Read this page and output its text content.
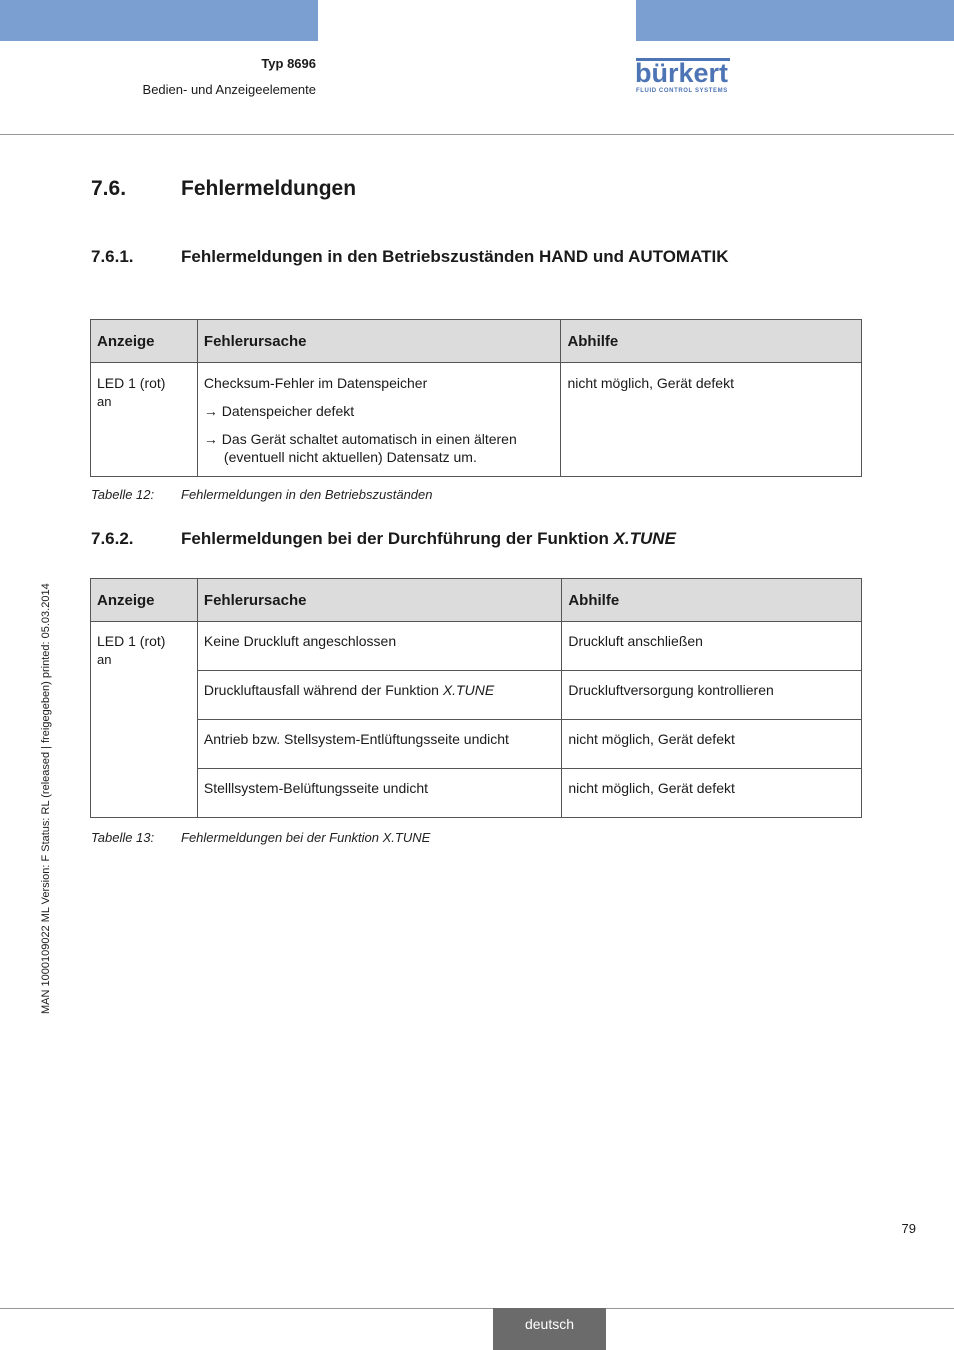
Typ 8696
Bedien- und Anzeigeelemente
bürkert
FLUID CONTROL SYSTEMS
7.6.	Fehlermeldungen
7.6.1.	Fehlermeldungen in den Betriebszuständen HAND und AUTOMATIK
Anzeige	Fehlerursache	Abhilfe
LED 1 (rot)
an	Checksum-Fehler im Datenspeicher
→ Datenspeicher defekt
→ Das Gerät schaltet automatisch in einen älteren (eventuell nicht aktuellen) Datensatz um.	nicht möglich, Gerät defekt
Tabelle 12: Fehlermeldungen in den Betriebszuständen
7.6.2.	Fehlermeldungen bei der Durchführung der Funktion X.TUNE
Anzeige	Fehlerursache	Abhilfe
LED 1 (rot)
an	Keine Druckluft angeschlossen	Druckluft anschließen
	Druckluftausfall während der Funktion X.TUNE	Druckluftversorgung kontrollieren
	Antrieb bzw. Stellsystem-Entlüftungsseite undicht	nicht möglich, Gerät defekt
	Stelllsystem-Belüftungsseite undicht	nicht möglich, Gerät defekt
Tabelle 13: Fehlermeldungen bei der Funktion X.TUNE
MAN 1000109022 ML Version: F Status: RL (released | freigegeben) printed: 05.03.2014
79
deutsch
